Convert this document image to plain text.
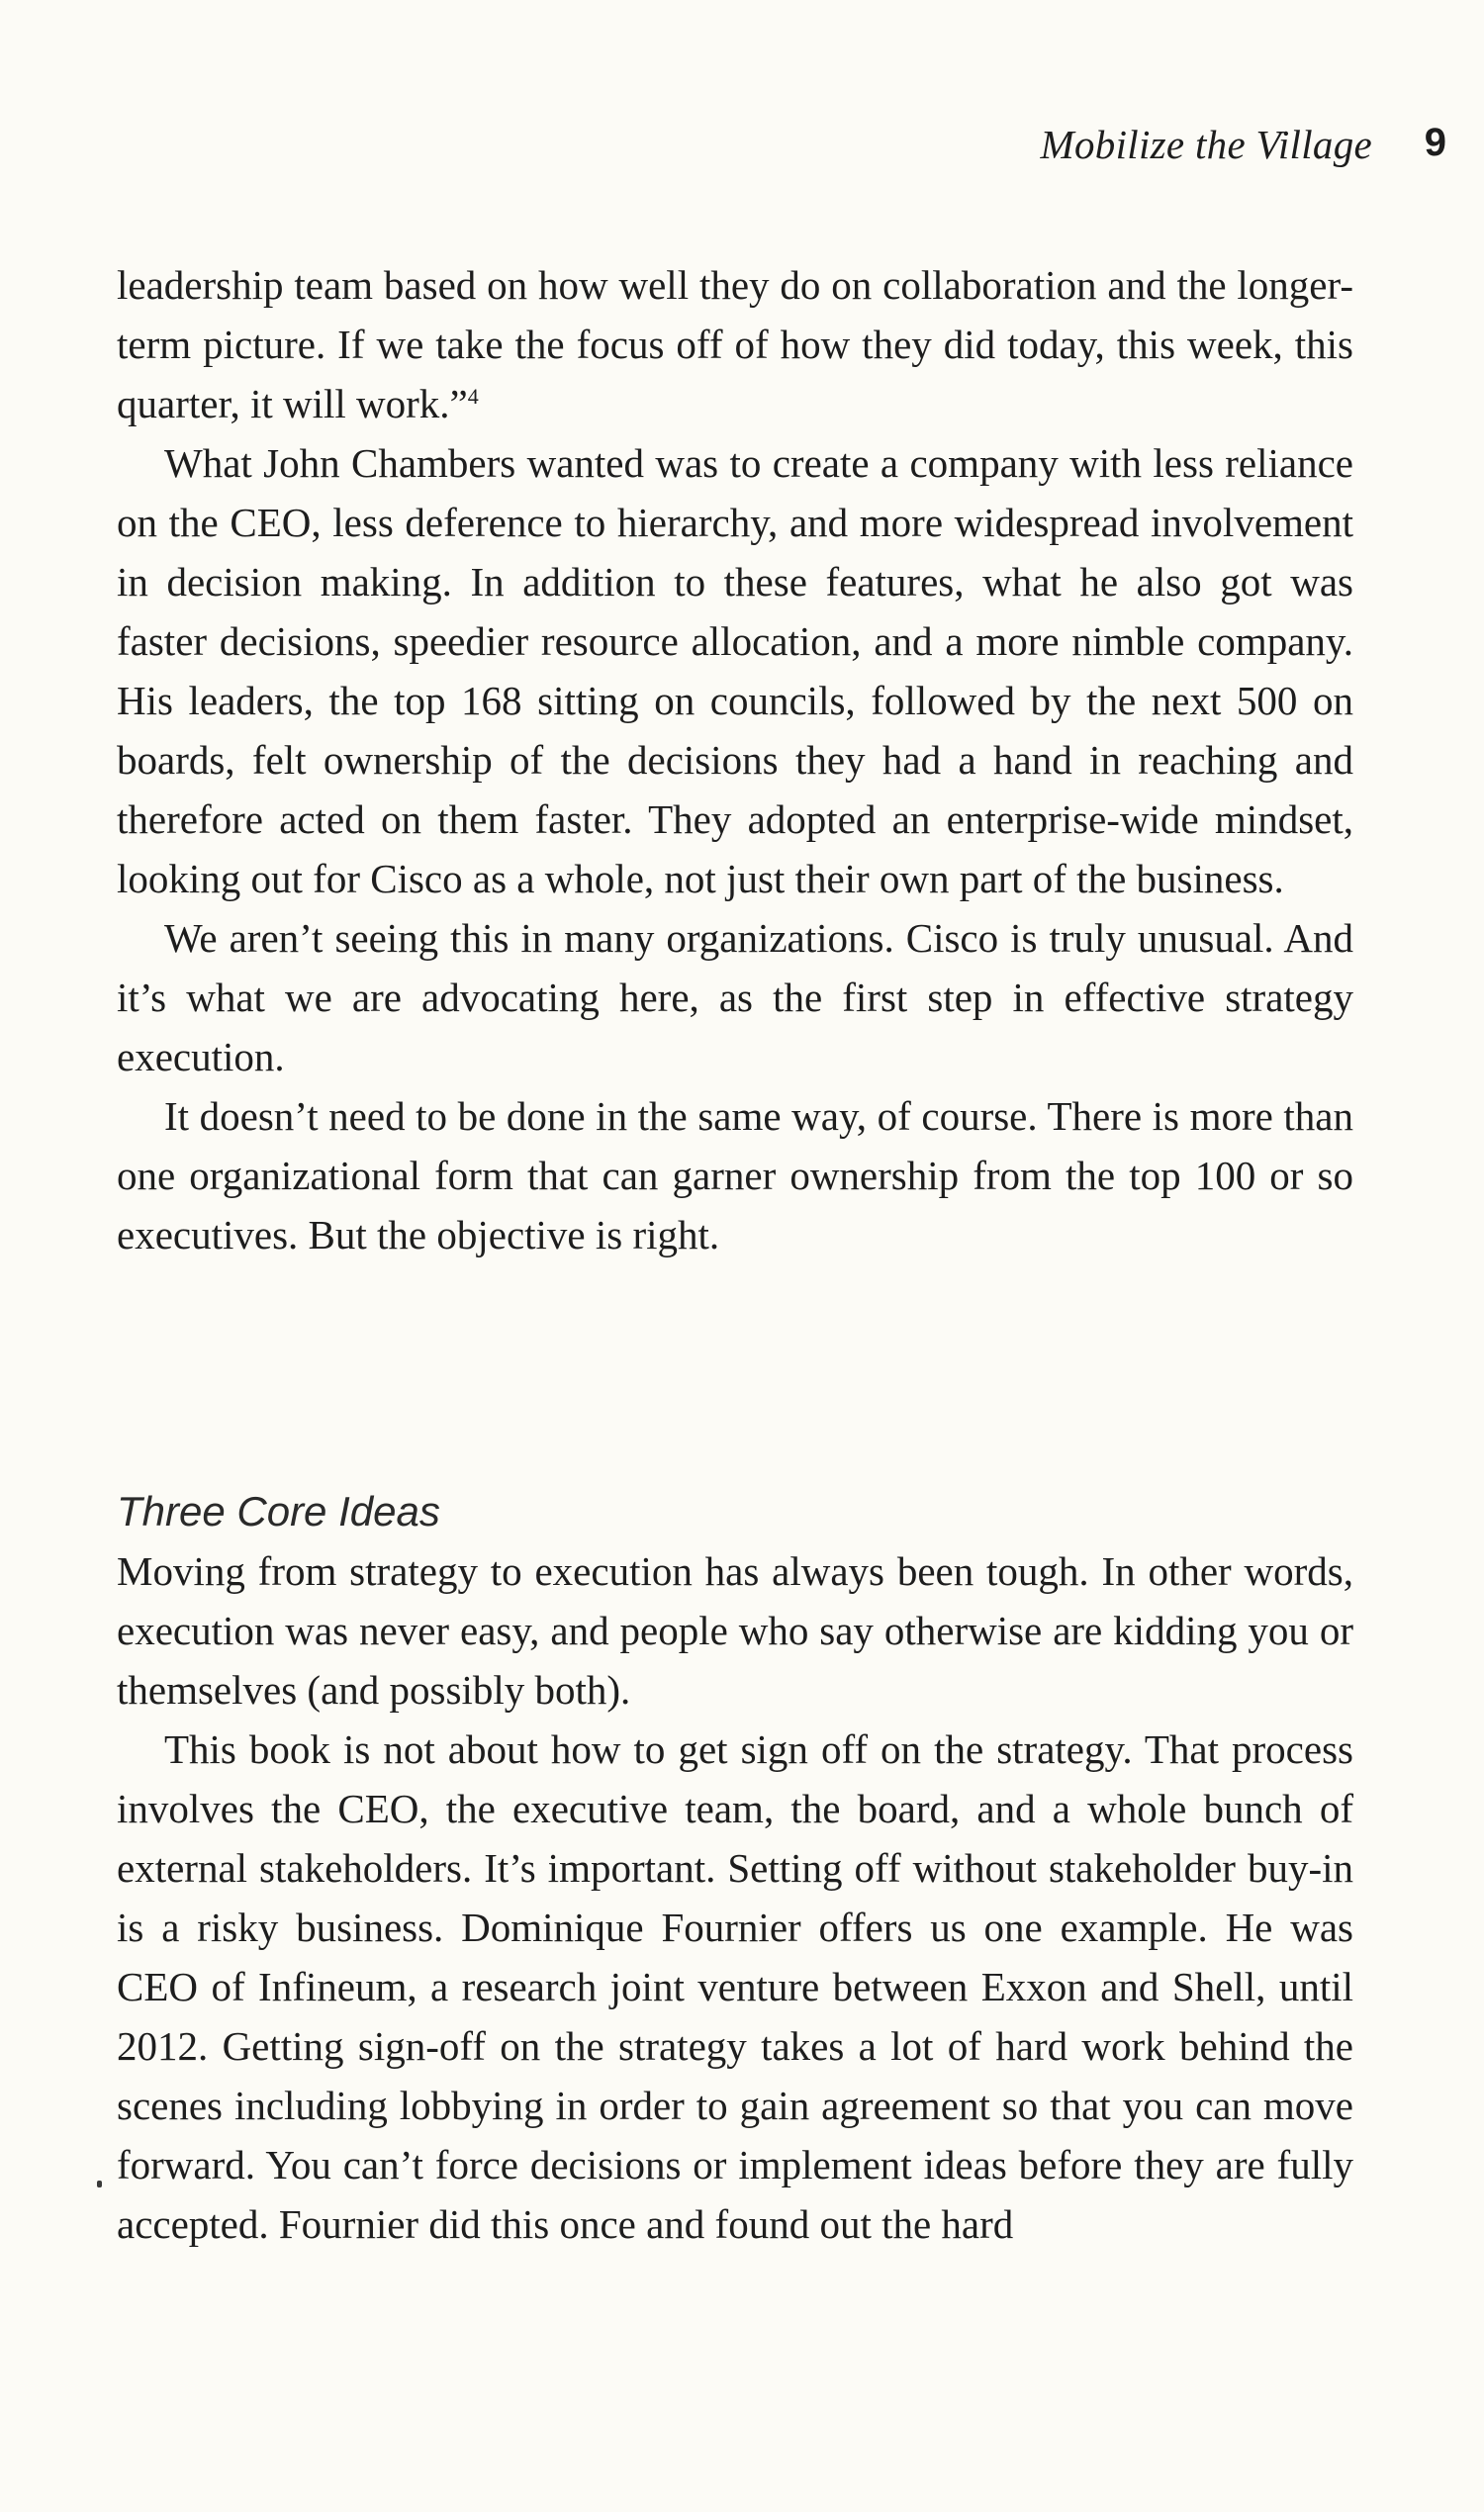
Mobilize the Village 9

leadership team based on how well they do on collaboration and the longer-term picture. If we take the focus off of how they did today, this week, this quarter, it will work.”$^4$

What John Chambers wanted was to create a company with less reliance on the CEO, less deference to hierarchy, and more widespread involvement in decision making. In addition to these features, what he also got was faster decisions, speedier resource allocation, and a more nimble company. His leaders, the top 168 sitting on councils, followed by the next 500 on boards, felt ownership of the decisions they had a hand in reaching and therefore acted on them faster. They adopted an enterprise-wide mindset, looking out for Cisco as a whole, not just their own part of the business.

We aren’t seeing this in many organizations. Cisco is truly unusual. And it’s what we are advocating here, as the first step in effective strategy execution.

It doesn’t need to be done in the same way, of course. There is more than one organizational form that can garner ownership from the top 100 or so executives. But the objective is right.

Three Core Ideas

Moving from strategy to execution has always been tough. In other words, execution was never easy, and people who say otherwise are kidding you or themselves (and possibly both).

This book is not about how to get sign off on the strategy. That process involves the CEO, the executive team, the board, and a whole bunch of external stakeholders. It’s important. Setting off without stakeholder buy-in is a risky business. Dominique Fournier offers us one example. He was CEO of Infineum, a research joint venture between Exxon and Shell, until 2012. Getting sign-off on the strategy takes a lot of hard work behind the scenes including lobbying in order to gain agreement so that you can move forward. You can’t force decisions or implement ideas before they are fully accepted. Fournier did this once and found out the hard
